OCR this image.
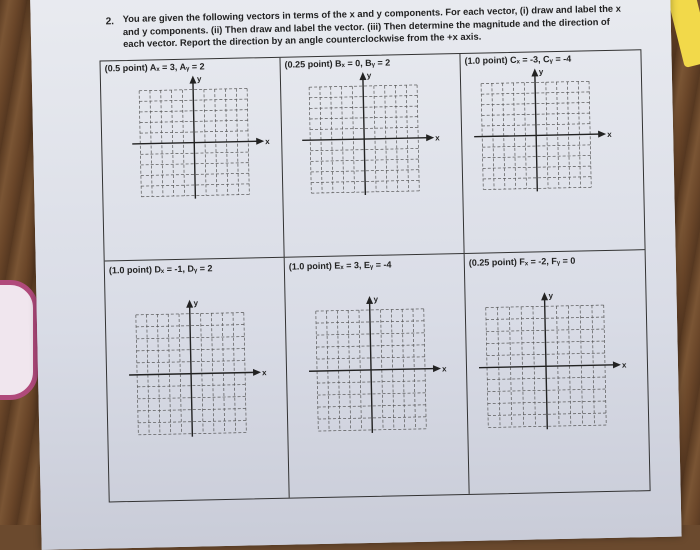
2. You are given the following vectors in terms of the x and y components. For each vector, (i) draw and label the x and y components. (ii) Then draw and label the vector. (iii) Then determine the magnitude and the direction of each vector. Report the direction by an angle counterclockwise from the +x axis.
(0.5 point) Aₓ = 3, Aᵧ = 2
x
y
(0.25 point) Bₓ = 0, Bᵧ = 2
x
y
(1.0 point) Cₓ = -3, Cᵧ = -4
x
y
(1.0 point) Dₓ = -1, Dᵧ = 2
x
y
(1.0 point) Eₓ = 3, Eᵧ = -4
x
y
(0.25 point) Fₓ = -2, Fᵧ = 0
x
y
